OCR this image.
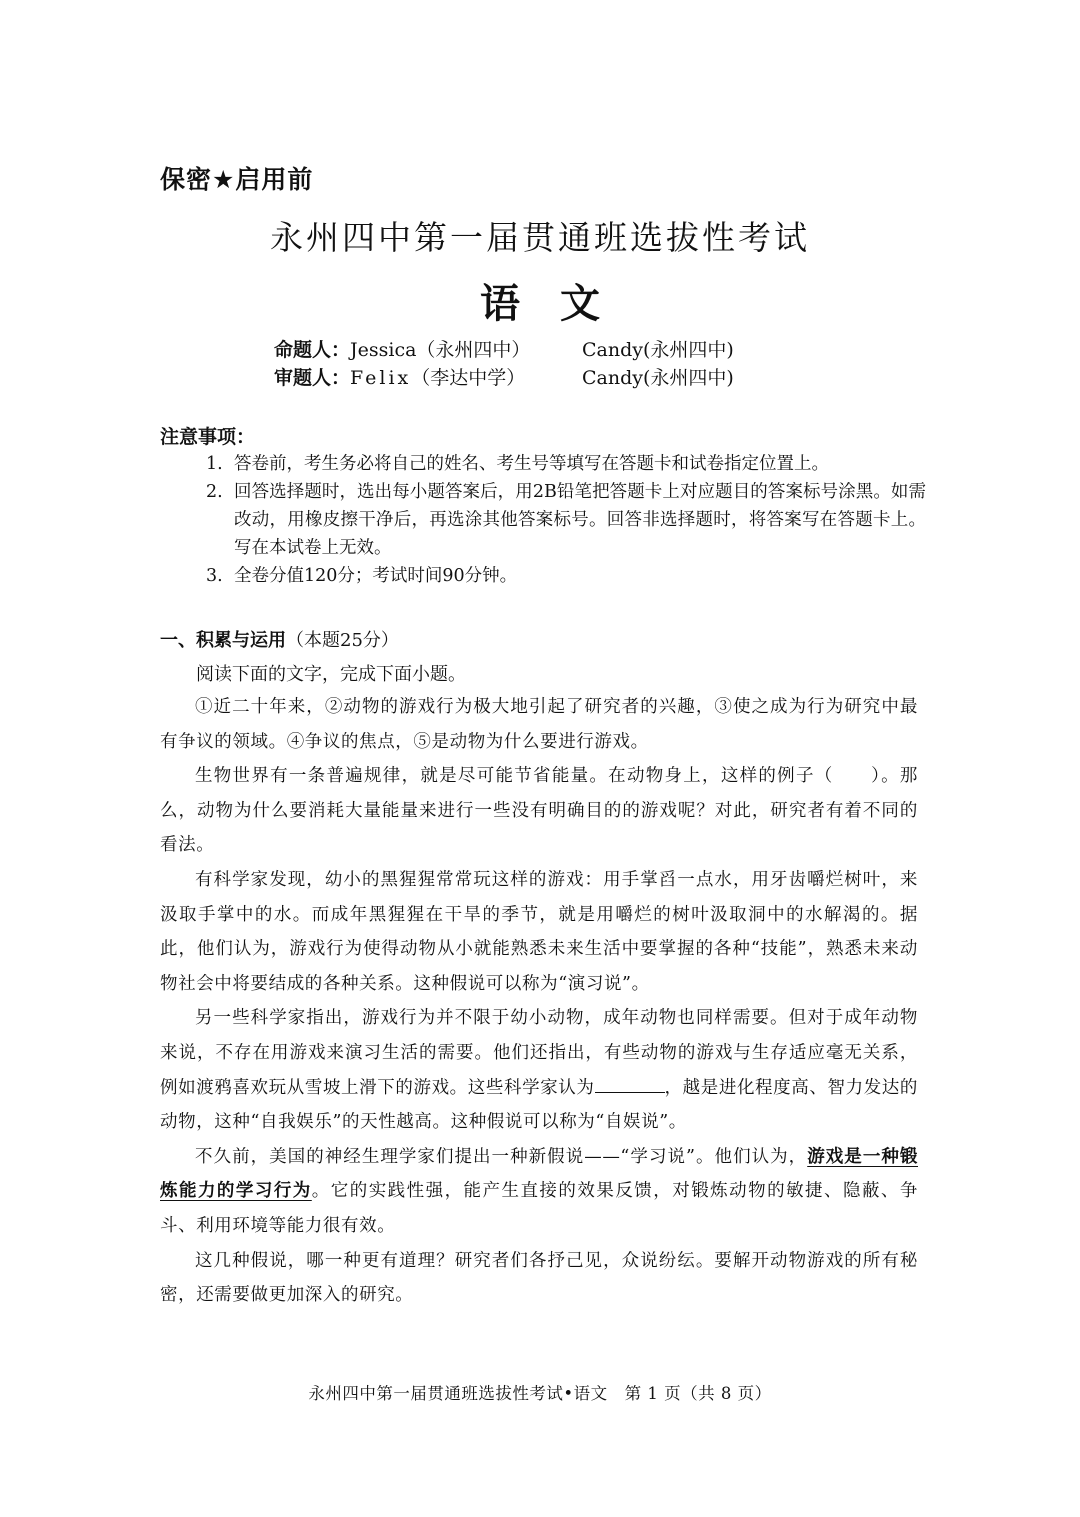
保密★启用前
永州四中第一届贯通班选拔性考试
语文
命题人：Jessica（永州四中）	Candy(永州四中)
审题人：Felix（李达中学）	Candy(永州四中)
注意事项：
1. 答卷前，考生务必将自己的姓名、考生号等填写在答题卡和试卷指定位置上。
2. 回答选择题时，选出每小题答案后，用2B铅笔把答题卡上对应题目的答案标号涂黑。如需改动，用橡皮擦干净后，再选涂其他答案标号。回答非选择题时，将答案写在答题卡上。写在本试卷上无效。
3. 全卷分值120分；考试时间90分钟。
一、积累与运用（本题25分）
阅读下面的文字，完成下面小题。

①近二十年来，②动物的游戏行为极大地引起了研究者的兴趣，③使之成为行为研究中最有争议的领域。④争议的焦点，⑤是动物为什么要进行游戏。

生物世界有一条普遍规律，就是尽可能节省能量。在动物身上，这样的例子（　　）。那么，动物为什么要消耗大量能量来进行一些没有明确目的的游戏呢？对此，研究者有着不同的看法。

有科学家发现，幼小的黑猩猩常常玩这样的游戏：用手掌舀一点水，用牙齿嚼烂树叶，来汲取手掌中的水。而成年黑猩猩在干旱的季节，就是用嚼烂的树叶汲取洞中的水解渴的。据此，他们认为，游戏行为使得动物从小就能熟悉未来生活中要掌握的各种“技能”，熟悉未来动物社会中将要结成的各种关系。这种假说可以称为“演习说”。

另一些科学家指出，游戏行为并不限于幼小动物，成年动物也同样需要。但对于成年动物来说，不存在用游戏来演习生活的需要。他们还指出，有些动物的游戏与生存适应毫无关系，例如渡鸦喜欢玩从雪坡上滑下的游戏。这些科学家认为	，越是进化程度高、智力发达的动物，这种“自我娱乐”的天性越高。这种假说可以称为“自娱说”。

不久前，美国的神经生理学家们提出一种新假说——“学习说”。他们认为，游戏是一种锻炼能力的学习行为。它的实践性强，能产生直接的效果反馈，对锻炼动物的敏捷、隐蔽、争斗、利用环境等能力很有效。

这几种假说，哪一种更有道理？研究者们各抒己见，众说纷纭。要解开动物游戏的所有秘密，还需要做更加深入的研究。

永州四中第一届贯通班选拔性考试•语文　第 1 页（共 8 页）
